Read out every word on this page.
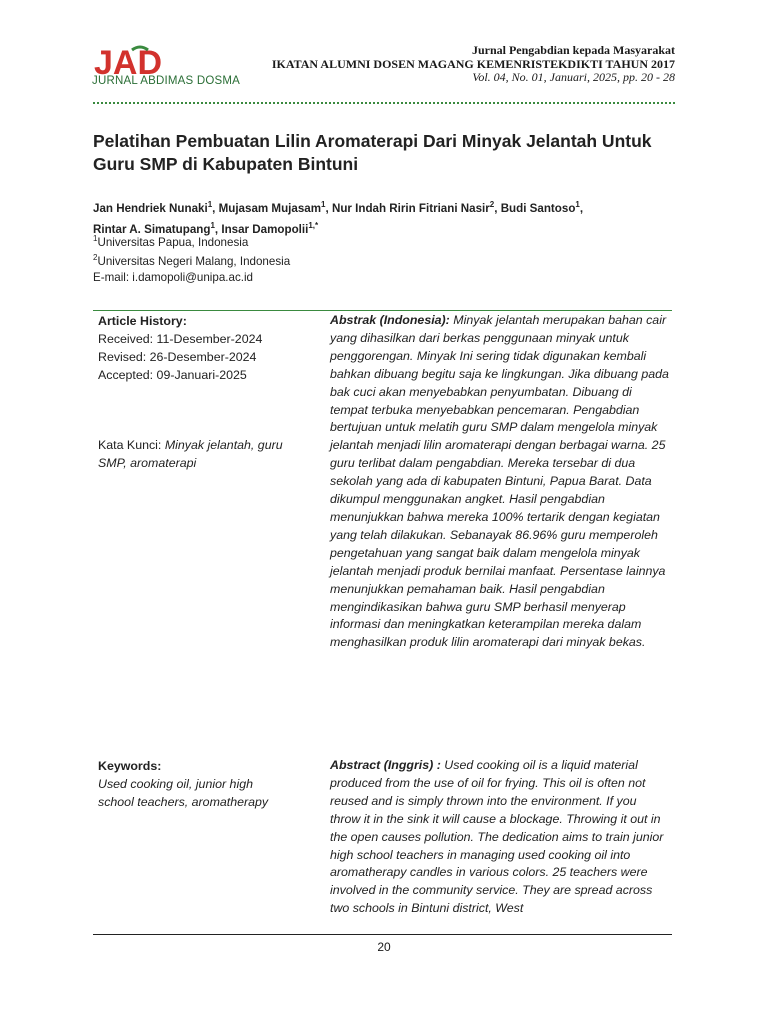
JAD
JURNAL ABDIMAS DOSMA
Jurnal Pengabdian kepada Masyarakat
IKATAN ALUMNI DOSEN MAGANG KEMENRISTEKDIKTI TAHUN 2017
Vol. 04, No. 01, Januari, 2025, pp. 20 - 28
Pelatihan Pembuatan Lilin Aromaterapi Dari Minyak Jelantah Untuk Guru SMP di Kabupaten Bintuni
Jan Hendriek Nunaki$^1$, Mujasam Mujasam$^1$, Nur Indah Ririn Fitriani Nasir$^2$, Budi Santoso$^1$,
Rintar A. Simatupang$^1$, Insar Damopolii$^{1,*}$
$^1$Universitas Papua, Indonesia
$^2$Universitas Negeri Malang, Indonesia
E-mail: i.damopoli@unipa.ac.id
Article History:
Received: 11-Desember-2024
Revised: 26-Desember-2024
Accepted: 09-Januari-2025
Kata Kunci: Minyak jelantah, guru SMP, aromaterapi
Keywords:
Used cooking oil, junior high school teachers, aromatherapy
Abstrak (Indonesia): Minyak jelantah merupakan bahan cair yang dihasilkan dari berkas penggunaan minyak untuk penggorengan. Minyak Ini sering tidak digunakan kembali bahkan dibuang begitu saja ke lingkungan. Jika dibuang pada bak cuci akan menyebabkan penyumbatan. Dibuang di tempat terbuka menyebabkan pencemaran. Pengabdian bertujuan untuk melatih guru SMP dalam mengelola minyak jelantah menjadi lilin aromaterapi dengan berbagai warna. 25 guru terlibat dalam pengabdian. Mereka tersebar di dua sekolah yang ada di kabupaten Bintuni, Papua Barat. Data dikumpul menggunakan angket. Hasil pengabdian menunjukkan bahwa mereka 100% tertarik dengan kegiatan yang telah dilakukan. Sebanayak 86.96% guru memperoleh pengetahuan yang sangat baik dalam mengelola minyak jelantah menjadi produk bernilai manfaat. Persentase lainnya menunjukkan pemahaman baik. Hasil pengabdian mengindikasikan bahwa guru SMP berhasil menyerap informasi dan meningkatkan keterampilan mereka dalam menghasilkan produk lilin aromaterapi dari minyak bekas.
Abstract (Inggris) : Used cooking oil is a liquid material produced from the use of oil for frying. This oil is often not reused and is simply thrown into the environment. If you throw it in the sink it will cause a blockage. Throwing it out in the open causes pollution. The dedication aims to train junior high school teachers in managing used cooking oil into aromatherapy candles in various colors. 25 teachers were involved in the community service. They are spread across two schools in Bintuni district, West
20
